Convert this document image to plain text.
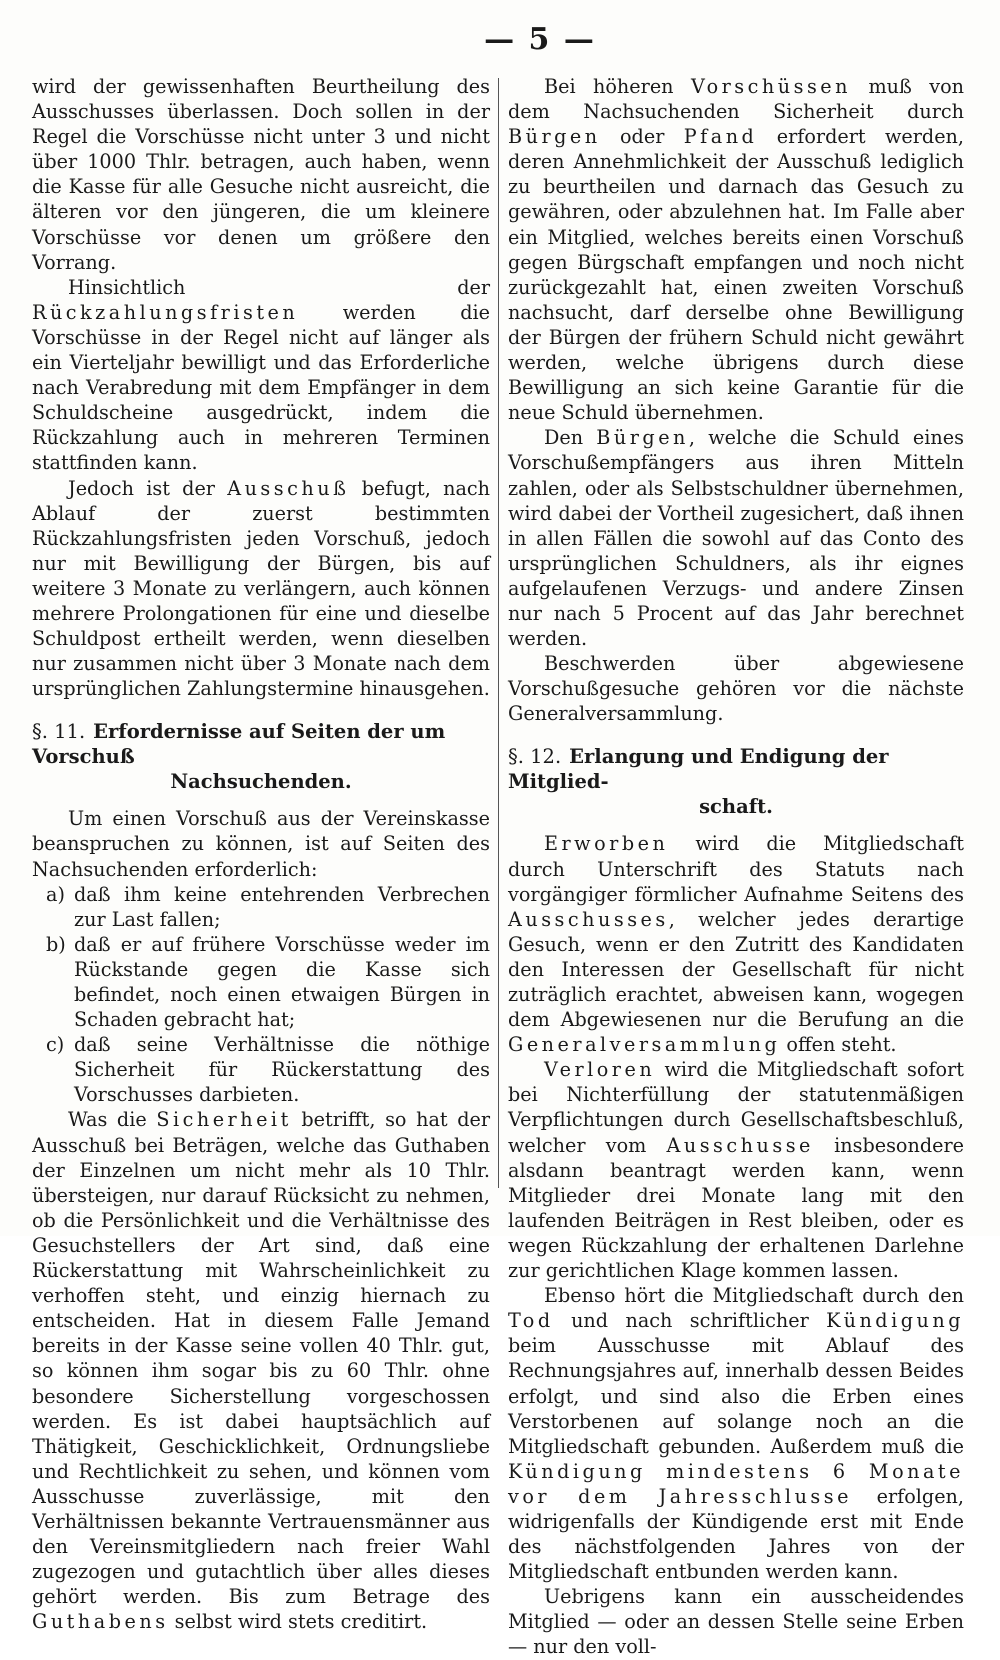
— 5 —

wird der gewissenhaften Beurtheilung des Ausschusses überlassen. Doch sollen in der Regel die Vorschüsse nicht unter 3 und nicht über 1000 Thlr. betragen, auch haben, wenn die Kasse für alle Gesuche nicht ausreicht, die älteren vor den jüngeren, die um kleinere Vorschüsse vor denen um größere den Vorrang.

Hinsichtlich der Rückzahlungsfristen werden die Vorschüsse in der Regel nicht auf länger als ein Vierteljahr bewilligt und das Erforderliche nach Verabredung mit dem Empfänger in dem Schuldscheine ausgedrückt, indem die Rückzahlung auch in mehreren Terminen stattfinden kann.

Jedoch ist der Ausschuß befugt, nach Ablauf der zuerst bestimmten Rückzahlungsfristen jeden Vorschuß, jedoch nur mit Bewilligung der Bürgen, bis auf weitere 3 Monate zu verlängern, auch können mehrere Prolongationen für eine und dieselbe Schuldpost ertheilt werden, wenn dieselben nur zusammen nicht über 3 Monate nach dem ursprünglichen Zahlungstermine hinausgehen.

§. 11. Erfordernisse auf Seiten der um Vorschuß
Nachsuchenden.

Um einen Vorschuß aus der Vereinskasse beanspruchen zu können, ist auf Seiten des Nachsuchenden erforderlich:

a) daß ihm keine entehrenden Verbrechen zur Last fallen;
b) daß er auf frühere Vorschüsse weder im Rückstande gegen die Kasse sich befindet, noch einen etwaigen Bürgen in Schaden gebracht hat;
c) daß seine Verhältnisse die nöthige Sicherheit für Rückerstattung des Vorschusses darbieten.

Was die Sicherheit betrifft, so hat der Ausschuß bei Beträgen, welche das Guthaben der Einzelnen um nicht mehr als 10 Thlr. übersteigen, nur darauf Rücksicht zu nehmen, ob die Persönlichkeit und die Verhältnisse des Gesuchstellers der Art sind, daß eine Rückerstattung mit Wahrscheinlichkeit zu verhoffen steht, und einzig hiernach zu entscheiden. Hat in diesem Falle Jemand bereits in der Kasse seine vollen 40 Thlr. gut, so können ihm sogar bis zu 60 Thlr. ohne besondere Sicherstellung vorgeschossen werden. Es ist dabei hauptsächlich auf Thätigkeit, Geschicklichkeit, Ordnungsliebe und Rechtlichkeit zu sehen, und können vom Ausschusse zuverlässige, mit den Verhältnissen bekannte Vertrauensmänner aus den Vereinsmitgliedern nach freier Wahl zugezogen und gutachtlich über alles dieses gehört werden. Bis zum Betrage des Guthabens selbst wird stets creditirt.

Bei höheren Vorschüssen muß von dem Nachsuchenden Sicherheit durch Bürgen oder Pfand erfordert werden, deren Annehmlichkeit der Ausschuß lediglich zu beurtheilen und darnach das Gesuch zu gewähren, oder abzulehnen hat. Im Falle aber ein Mitglied, welches bereits einen Vorschuß gegen Bürgschaft empfangen und noch nicht zurückgezahlt hat, einen zweiten Vorschuß nachsucht, darf derselbe ohne Bewilligung der Bürgen der frühern Schuld nicht gewährt werden, welche übrigens durch diese Bewilligung an sich keine Garantie für die neue Schuld übernehmen.

Den Bürgen, welche die Schuld eines Vorschußempfängers aus ihren Mitteln zahlen, oder als Selbstschuldner übernehmen, wird dabei der Vortheil zugesichert, daß ihnen in allen Fällen die sowohl auf das Conto des ursprünglichen Schuldners, als ihr eignes aufgelaufenen Verzugs- und andere Zinsen nur nach 5 Procent auf das Jahr berechnet werden.

Beschwerden über abgewiesene Vorschußgesuche gehören vor die nächste Generalversammlung.

§. 12. Erlangung und Endigung der Mitglied-
schaft.

Erworben wird die Mitgliedschaft durch Unterschrift des Statuts nach vorgängiger förmlicher Aufnahme Seitens des Ausschusses, welcher jedes derartige Gesuch, wenn er den Zutritt des Kandidaten den Interessen der Gesellschaft für nicht zuträglich erachtet, abweisen kann, wogegen dem Abgewiesenen nur die Berufung an die Generalversammlung offen steht.

Verloren wird die Mitgliedschaft sofort bei Nichterfüllung der statutenmäßigen Verpflichtungen durch Gesellschaftsbeschluß, welcher vom Ausschusse insbesondere alsdann beantragt werden kann, wenn Mitglieder drei Monate lang mit den laufenden Beiträgen in Rest bleiben, oder es wegen Rückzahlung der erhaltenen Darlehne zur gerichtlichen Klage kommen lassen.

Ebenso hört die Mitgliedschaft durch den Tod und nach schriftlicher Kündigung beim Ausschusse mit Ablauf des Rechnungsjahres auf, innerhalb dessen Beides erfolgt, und sind also die Erben eines Verstorbenen auf solange noch an die Mitgliedschaft gebunden. Außerdem muß die Kündigung mindestens 6 Monate vor dem Jahresschlusse erfolgen, widrigenfalls der Kündigende erst mit Ende des nächstfolgenden Jahres von der Mitgliedschaft entbunden werden kann.

Uebrigens kann ein ausscheidendes Mitglied — oder an dessen Stelle seine Erben — nur den voll-
